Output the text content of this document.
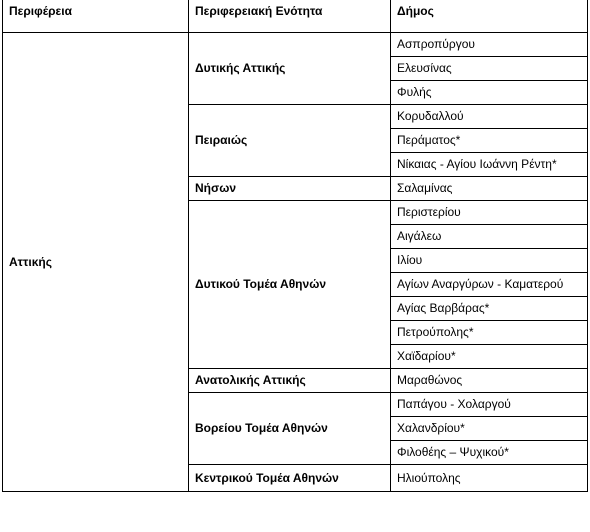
Περιφέρεια	Περιφερειακή Ενότητα	Δήμος
Αττικής	Δυτικής Αττικής	Ασπροπύργου
		Ελευσίνας
		Φυλής
	Πειραιώς	Κορυδαλλού
		Περάματος*
		Νίκαιας - Αγίου Ιωάννη Ρέντη*
	Νήσων	Σαλαμίνας
	Δυτικού Τομέα Αθηνών	Περιστερίου
		Αιγάλεω
		Ιλίου
		Αγίων Αναργύρων - Καματερού
		Αγίας Βαρβάρας*
		Πετρούπολης*
		Χαϊδαρίου*
	Ανατολικής Αττικής	Μαραθώνος
	Βορείου Τομέα Αθηνών	Παπάγου - Χολαργού
		Χαλανδρίου*
		Φιλοθέης – Ψυχικού*
	Κεντρικού Τομέα Αθηνών	Ηλιούπολης
